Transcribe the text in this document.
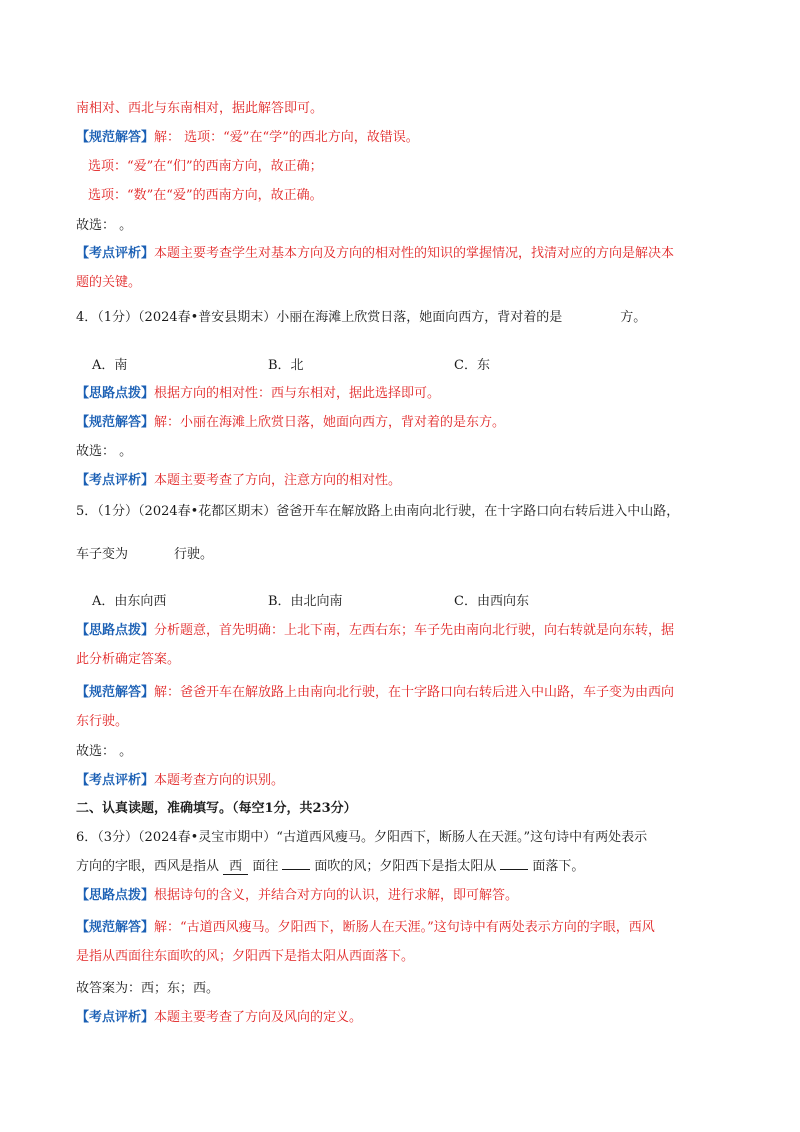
南相对、西北与东南相对，据此解答即可。
【规范解答】解： 选项：“爱”在“学”的西北方向，故错误。
选项：“爱”在“们”的西南方向，故正确；
选项：“数”在“爱”的西南方向，故正确。
故选： 。
【考点评析】本题主要考查学生对基本方向及方向的相对性的知识的掌握情况，找清对应的方向是解决本
题的关键。
4．（1分）（2024春•普安县期末）小丽在海滩上欣赏日落，她面向西方，背对着的是	方。
A．南	B．北	C．东
【思路点拨】根据方向的相对性：西与东相对，据此选择即可。
【规范解答】解：小丽在海滩上欣赏日落，她面向西方，背对着的是东方。
故选： 。
【考点评析】本题主要考查了方向，注意方向的相对性。
5．（1分）（2024春•花都区期末）爸爸开车在解放路上由南向北行驶，在十字路口向右转后进入中山路，
车子变为	行驶。
A．由东向西	B．由北向南	C．由西向东
【思路点拨】分析题意，首先明确：上北下南，左西右东；车子先由南向北行驶，向右转就是向东转，据
此分析确定答案。
【规范解答】解：爸爸开车在解放路上由南向北行驶，在十字路口向右转后进入中山路，车子变为由西向
东行驶。
故选： 。
【考点评析】本题考查方向的识别。
二、认真读题，准确填写。（每空1分，共23分）
6．（3分）（2024春•灵宝市期中）“古道西风瘦马。夕阳西下，断肠人在天涯。”这句诗中有两处表示
方向的字眼，西风是指从 西 面往	面吹的风；夕阳西下是指太阳从	面落下。
【思路点拨】根据诗句的含义，并结合对方向的认识，进行求解，即可解答。
【规范解答】解：“古道西风瘦马。夕阳西下，断肠人在天涯。”这句诗中有两处表示方向的字眼，西风
是指从西面往东面吹的风；夕阳西下是指太阳从西面落下。
故答案为：西；东；西。
【考点评析】本题主要考查了方向及风向的定义。
